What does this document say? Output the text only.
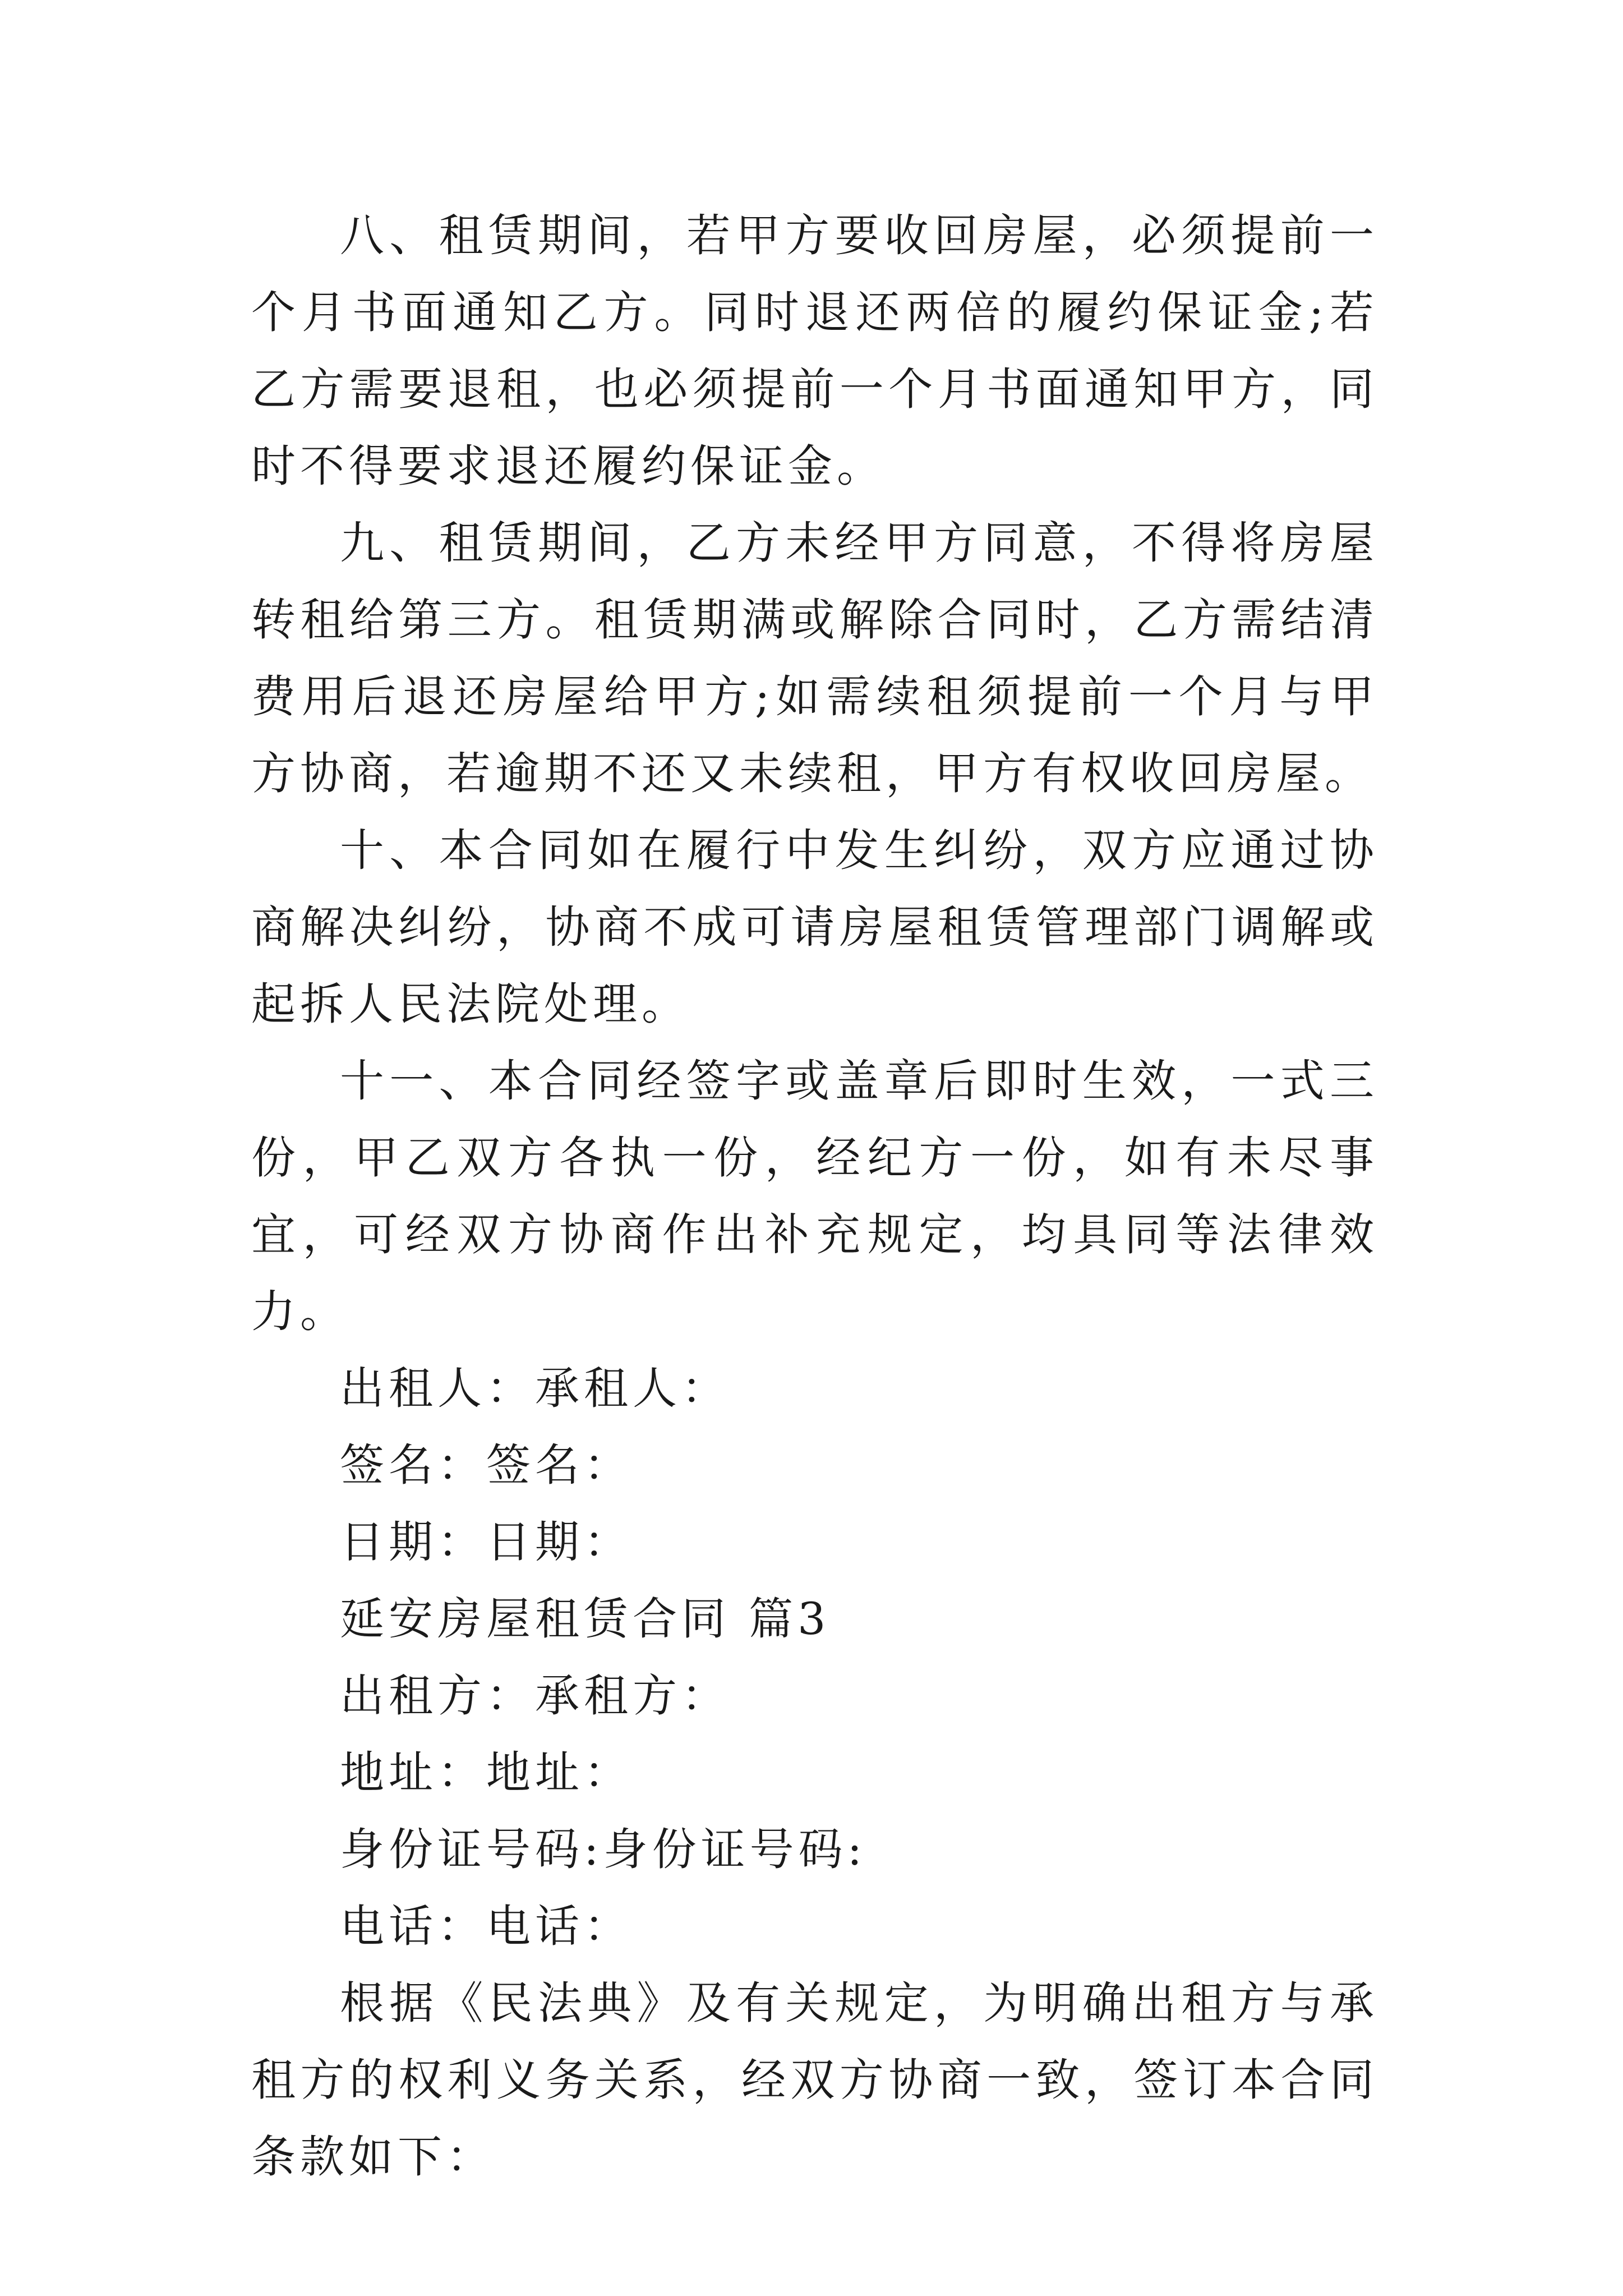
八、租赁期间，若甲方要收回房屋，必须提前一个月书面通知乙方。同时退还两倍的履约保证金;若乙方需要退租，也必须提前一个月书面通知甲方，同时不得要求退还履约保证金。

九、租赁期间，乙方未经甲方同意，不得将房屋转租给第三方。租赁期满或解除合同时，乙方需结清费用后退还房屋给甲方;如需续租须提前一个月与甲方协商，若逾期不还又未续租，甲方有权收回房屋。

十、本合同如在履行中发生纠纷，双方应通过协商解决纠纷，协商不成可请房屋租赁管理部门调解或起拆人民法院处理。

十一、本合同经签字或盖章后即时生效，一式三份，甲乙双方各执一份，经纪方一份，如有未尽事宜，可经双方协商作出补充规定，均具同等法律效力。

出租人：承租人：

签名：签名：

日期：日期：

延安房屋租赁合同 篇3

出租方：承租方：

地址：地址：

身份证号码:身份证号码:

电话：电话：

根据《民法典》及有关规定，为明确出租方与承租方的权利义务关系，经双方协商一致，签订本合同条款如下：
